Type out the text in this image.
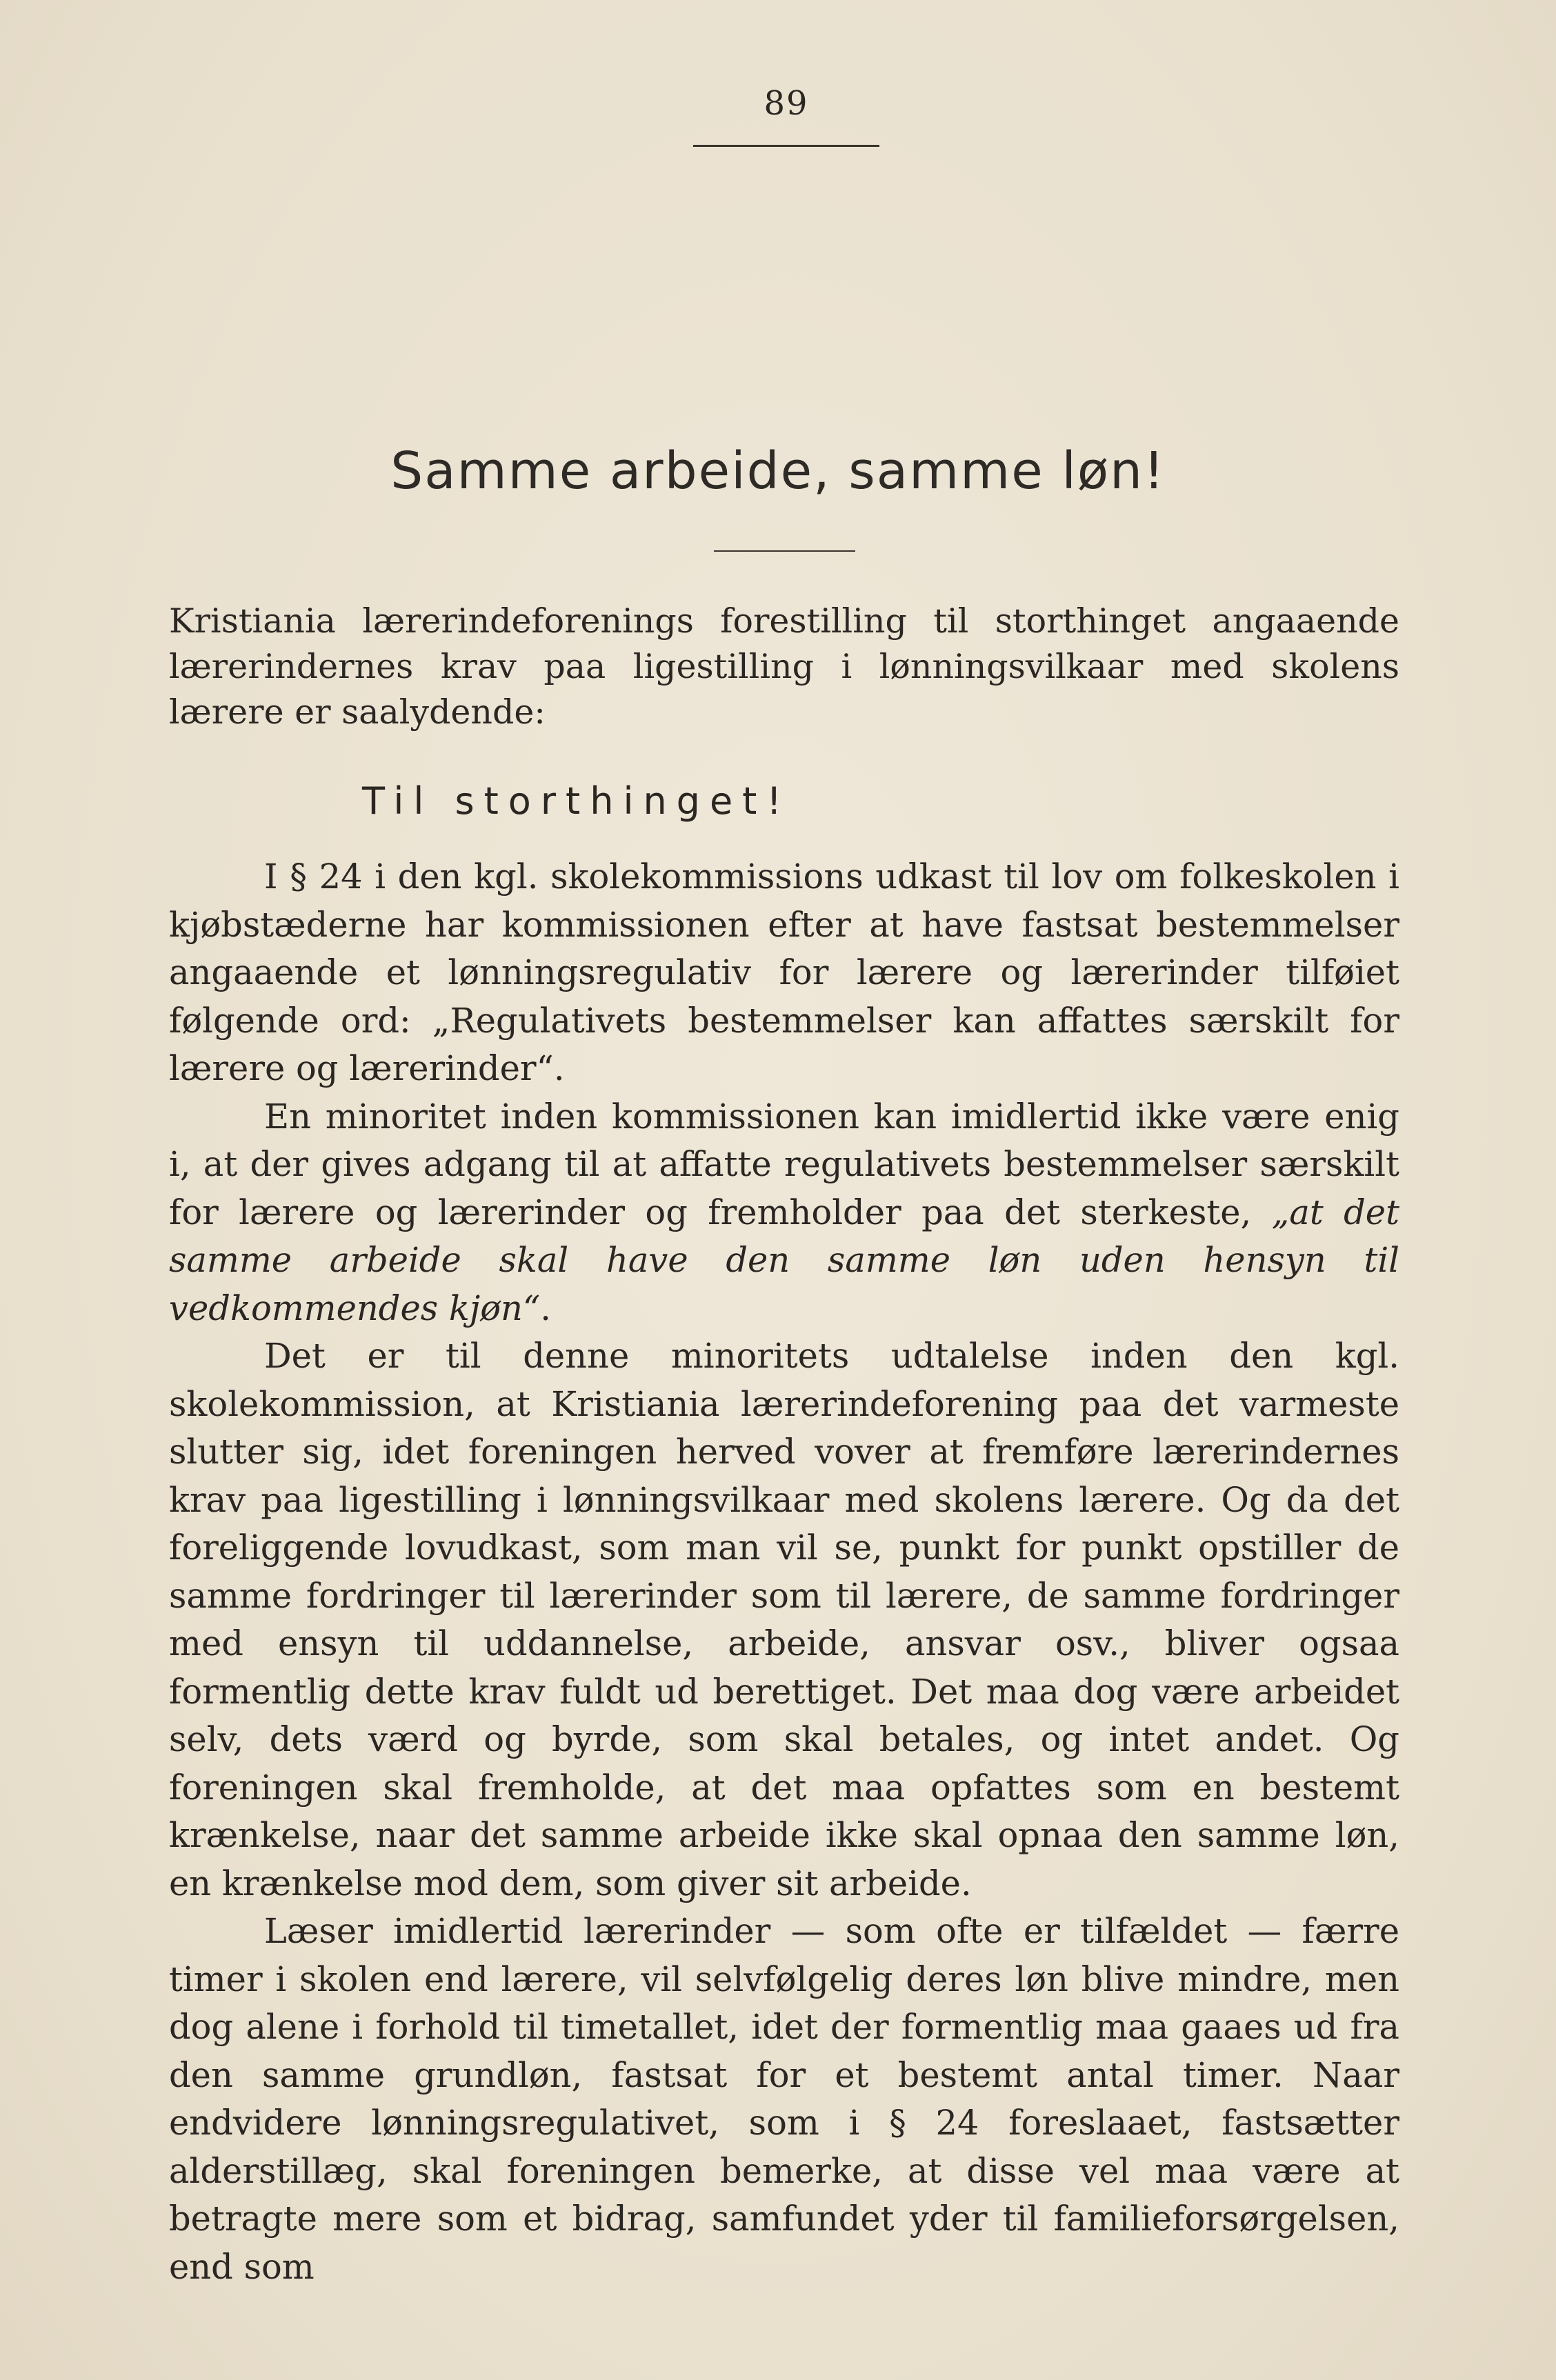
89
Samme arbeide, samme løn!
Kristiania lærerindeforenings forestilling til storthinget angaaende lærerindernes krav paa ligestilling i lønningsvilkaar med skolens lærere er saalydende:
Til storthinget!

I § 24 i den kgl. skolekommissions udkast til lov om folkeskolen i kjøbstæderne har kommissionen efter at have fastsat bestemmelser angaaende et lønningsregulativ for lærere og lærerinder tilføiet følgende ord: „Regulativets bestemmelser kan affattes særskilt for lærere og lærerinder“.

En minoritet inden kommissionen kan imidlertid ikke være enig i, at der gives adgang til at affatte regulativets bestemmelser særskilt for lærere og lærerinder og fremholder paa det sterkeste, „at det samme arbeide skal have den samme løn uden hensyn til vedkommendes kjøn“.

Det er til denne minoritets udtalelse inden den kgl. skolekommission, at Kristiania lærerindeforening paa det varmeste slutter sig, idet foreningen herved vover at fremføre lærerindernes krav paa ligestilling i lønningsvilkaar med skolens lærere. Og da det foreliggende lovudkast, som man vil se, punkt for punkt opstiller de samme fordringer til lærerinder som til lærere, de samme fordringer med ensyn til uddannelse, arbeide, ansvar osv., bliver ogsaa formentlig dette krav fuldt ud berettiget. Det maa dog være arbeidet selv, dets værd og byrde, som skal betales, og intet andet. Og foreningen skal fremholde, at det maa opfattes som en bestemt krænkelse, naar det samme arbeide ikke skal opnaa den samme løn, en krænkelse mod dem, som giver sit arbeide.

Læser imidlertid lærerinder — som ofte er tilfældet — færre timer i skolen end lærere, vil selvfølgelig deres løn blive mindre, men dog alene i forhold til timetallet, idet der formentlig maa gaaes ud fra den samme grundløn, fastsat for et bestemt antal timer. Naar endvidere lønningsregulativet, som i § 24 foreslaaet, fastsætter alderstillæg, skal foreningen bemerke, at disse vel maa være at betragte mere som et bidrag, samfundet yder til familieforsørgelsen, end som
